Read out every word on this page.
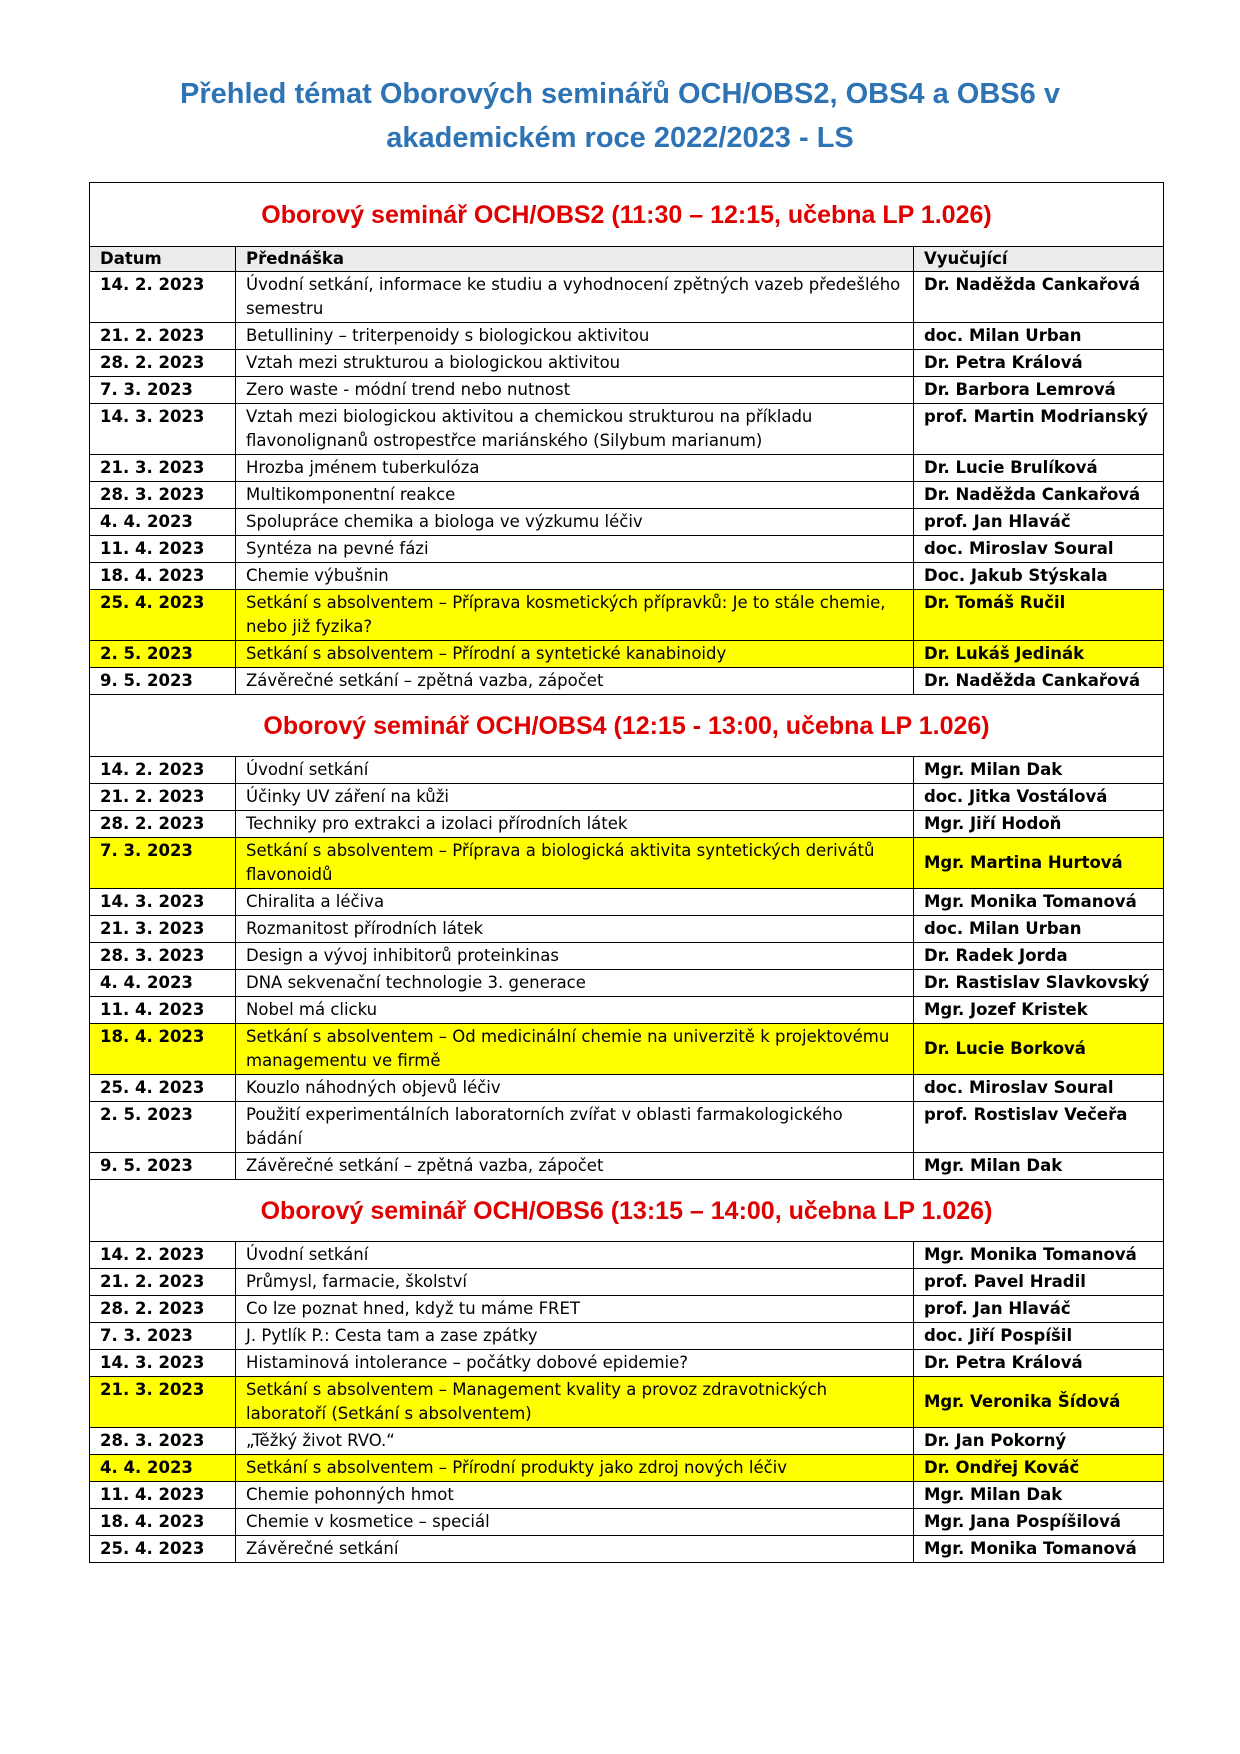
Přehled témat Oborových seminářů OCH/OBS2, OBS4 a OBS6 v
akademickém roce 2022/2023 - LS
Oborový seminář OCH/OBS2 (11:30 – 12:15, učebna LP 1.026)		
Datum	Přednáška	Vyučující
14. 2. 2023	Úvodní setkání, informace ke studiu a vyhodnocení zpětných vazeb předešlého semestru	Dr. Naděžda Cankařová
21. 2. 2023	Betullininy – triterpenoidy s biologickou aktivitou	doc. Milan Urban
28. 2. 2023	Vztah mezi strukturou a biologickou aktivitou	Dr. Petra Králová
7. 3. 2023	Zero waste - módní trend nebo nutnost	Dr. Barbora Lemrová
14. 3. 2023	Vztah mezi biologickou aktivitou a chemickou strukturou na příkladu flavonolignanů ostropestřce mariánského (Silybum marianum)	prof. Martin Modrianský
21. 3. 2023	Hrozba jménem tuberkulóza	Dr. Lucie Brulíková
28. 3. 2023	Multikomponentní reakce	Dr. Naděžda Cankařová
4. 4. 2023	Spolupráce chemika a biologa ve výzkumu léčiv	prof. Jan Hlaváč
11. 4. 2023	Syntéza na pevné fázi	doc. Miroslav Soural
18. 4. 2023	Chemie výbušnin	Doc. Jakub Stýskala
25. 4. 2023	Setkání s absolventem – Příprava kosmetických přípravků: Je to stále chemie, nebo již fyzika?	Dr. Tomáš Ručil
2. 5. 2023	Setkání s absolventem – Přírodní a syntetické kanabinoidy	Dr. Lukáš Jedinák
9. 5. 2023	Závěrečné setkání – zpětná vazba, zápočet	Dr. Naděžda Cankařová
Oborový seminář OCH/OBS4 (12:15 - 13:00, učebna LP 1.026)		
14. 2. 2023	Úvodní setkání	Mgr. Milan Dak
21. 2. 2023	Účinky UV záření na kůži	doc. Jitka Vostálová
28. 2. 2023	Techniky pro extrakci a izolaci přírodních látek	Mgr. Jiří Hodoň
7. 3. 2023	Setkání s absolventem – Příprava a biologická aktivita syntetických derivátů flavonoidů	Mgr. Martina Hurtová
14. 3. 2023	Chiralita a léčiva	Mgr. Monika Tomanová
21. 3. 2023	Rozmanitost přírodních látek	doc. Milan Urban
28. 3. 2023	Design a vývoj inhibitorů proteinkinas	Dr. Radek Jorda
4. 4. 2023	DNA sekvenační technologie 3. generace	Dr. Rastislav Slavkovský
11. 4. 2023	Nobel má clicku	Mgr. Jozef Kristek
18. 4. 2023	Setkání s absolventem – Od medicinální chemie na univerzitě k projektovému managementu ve firmě	Dr. Lucie Borková
25. 4. 2023	Kouzlo náhodných objevů léčiv	doc. Miroslav Soural
2. 5. 2023	Použití experimentálních laboratorních zvířat v oblasti farmakologického bádání	prof. Rostislav Večeřa
9. 5. 2023	Závěrečné setkání – zpětná vazba, zápočet	Mgr. Milan Dak
Oborový seminář OCH/OBS6 (13:15 – 14:00, učebna LP 1.026)		
14. 2. 2023	Úvodní setkání	Mgr. Monika Tomanová
21. 2. 2023	Průmysl, farmacie, školství	prof. Pavel Hradil
28. 2. 2023	Co lze poznat hned, když tu máme FRET	prof. Jan Hlaváč
7. 3. 2023	J. Pytlík P.: Cesta tam a zase zpátky	doc. Jiří Pospíšil
14. 3. 2023	Histaminová intolerance – počátky dobové epidemie?	Dr. Petra Králová
21. 3. 2023	Setkání s absolventem – Management kvality a provoz zdravotnických laboratoří (Setkání s absolventem)	Mgr. Veronika Šídová
28. 3. 2023	„Těžký život RVO.“	Dr. Jan Pokorný
4. 4. 2023	Setkání s absolventem – Přírodní produkty jako zdroj nových léčiv	Dr. Ondřej Kováč
11. 4. 2023	Chemie pohonných hmot	Mgr. Milan Dak
18. 4. 2023	Chemie v kosmetice – speciál	Mgr. Jana Pospíšilová
25. 4. 2023	Závěrečné setkání	Mgr. Monika Tomanová
